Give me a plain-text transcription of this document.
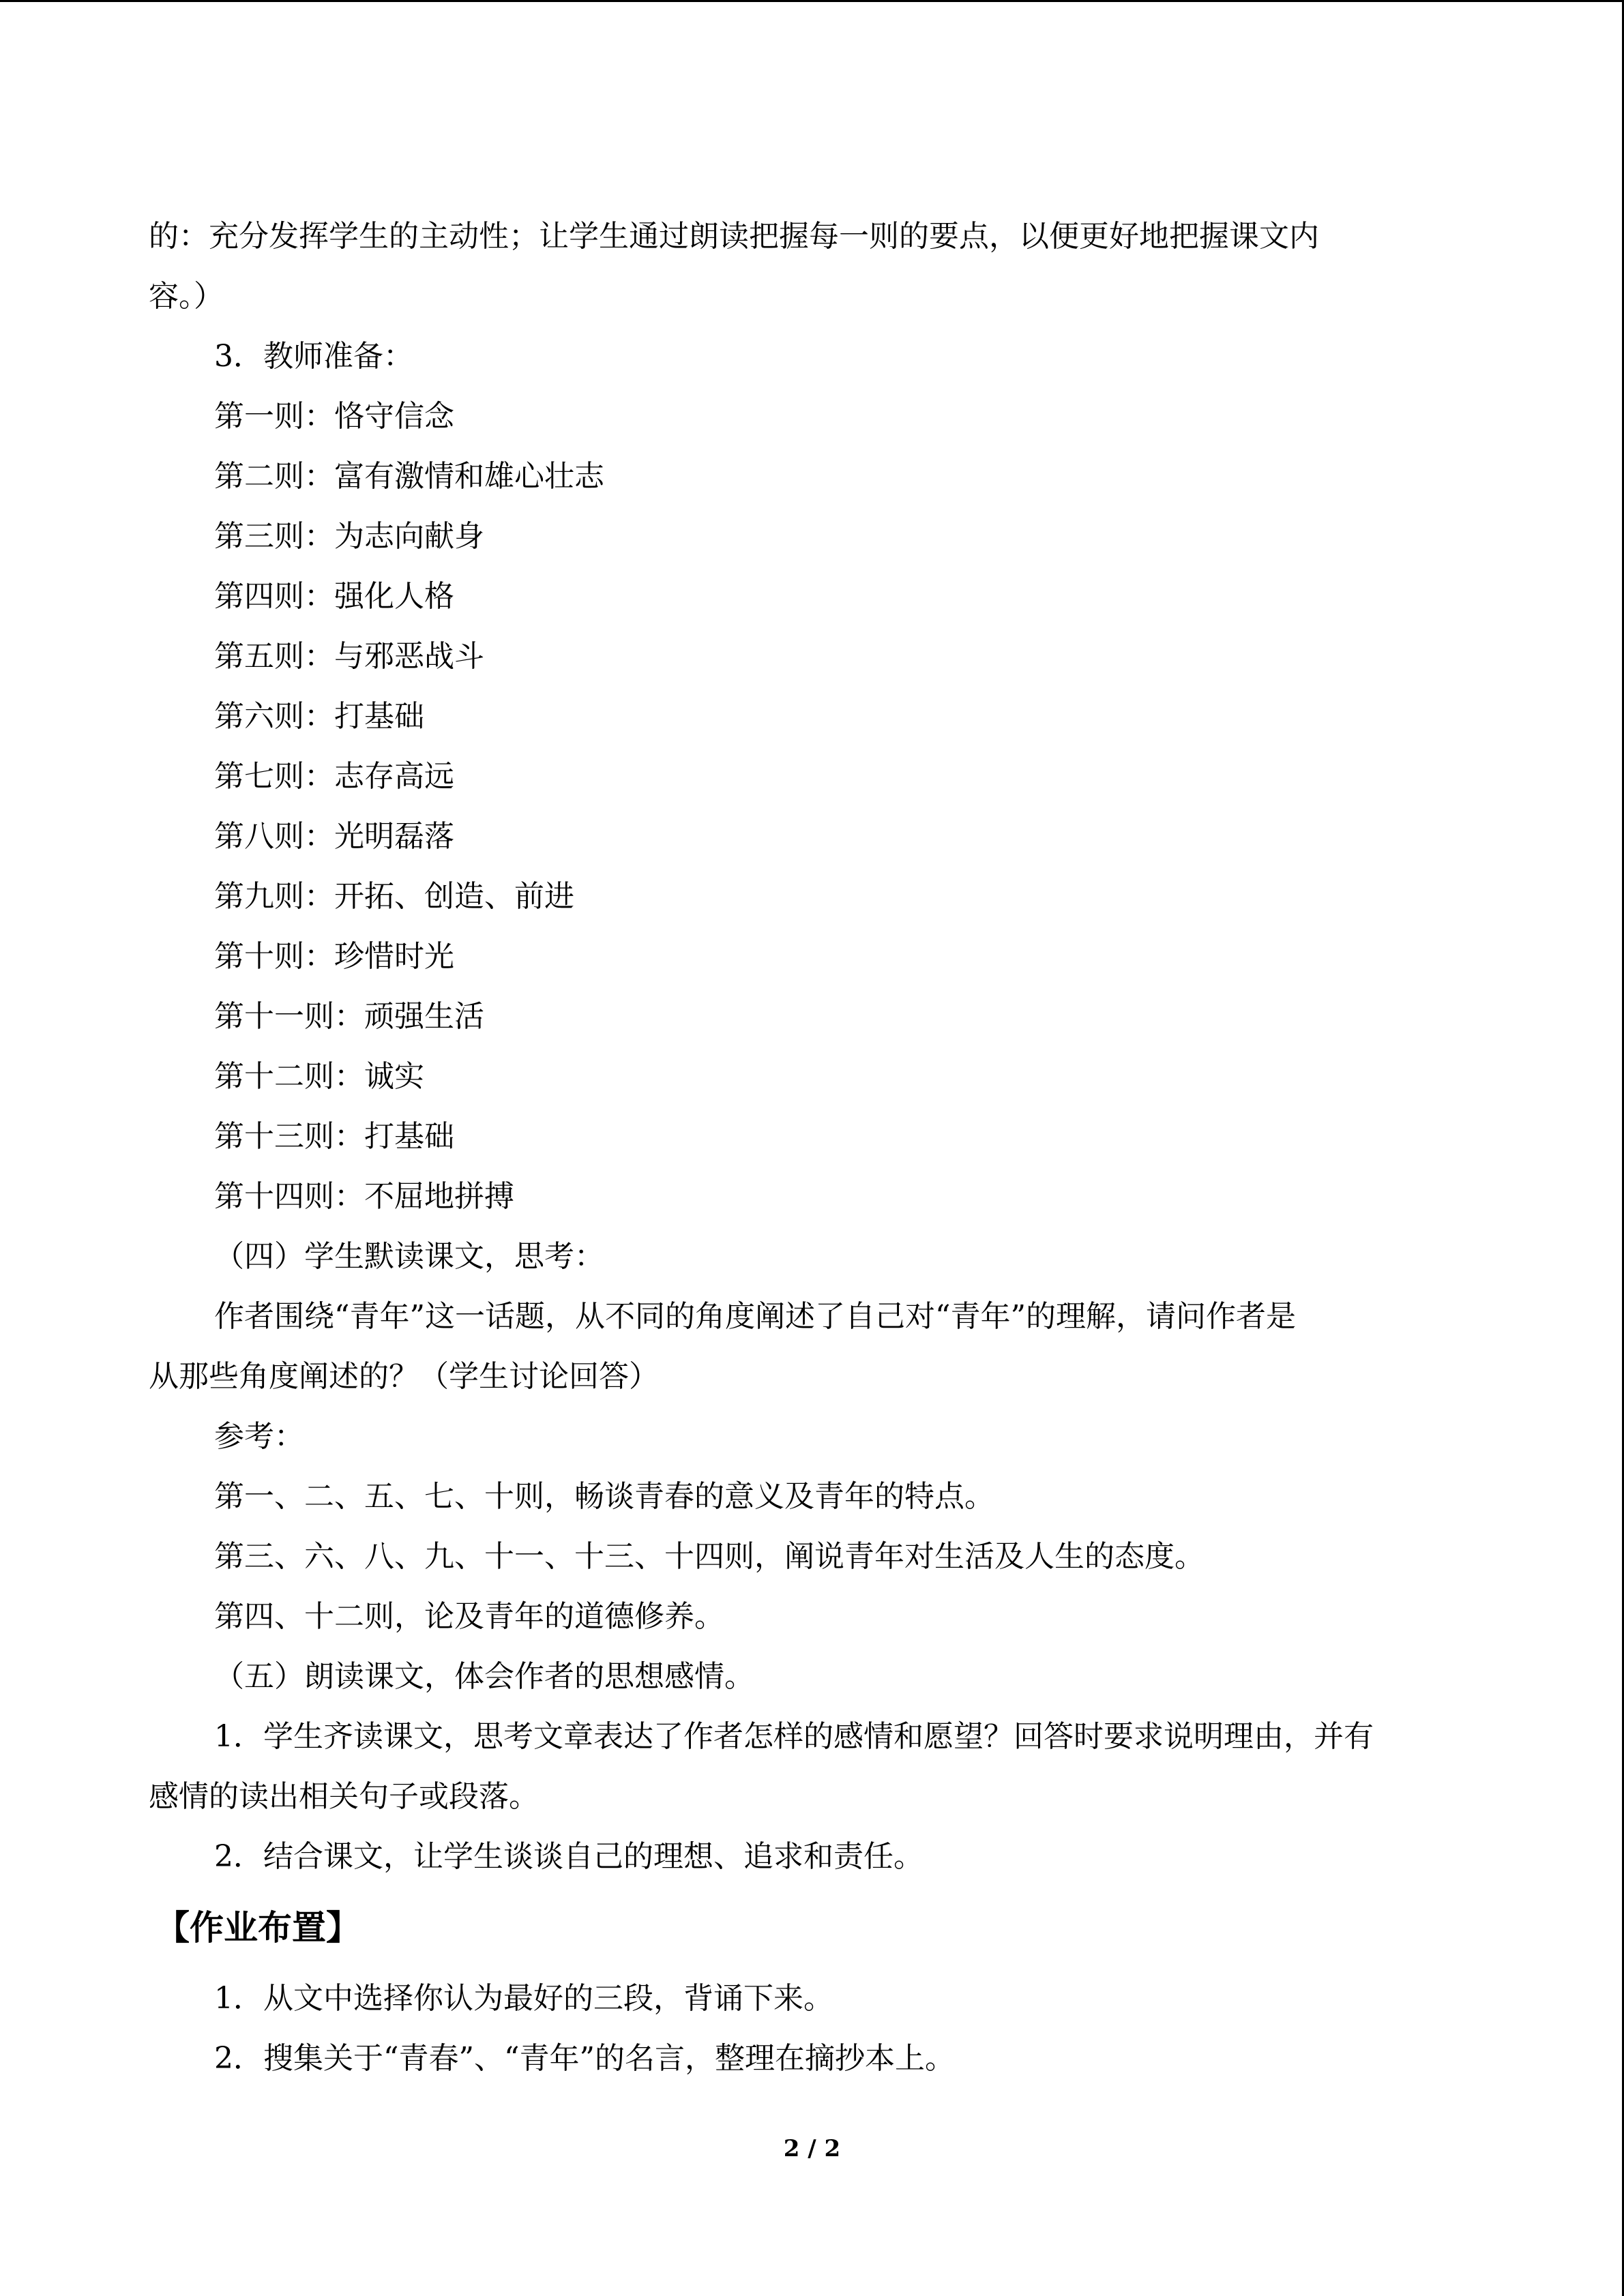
的：充分发挥学生的主动性；让学生通过朗读把握每一则的要点，以便更好地把握课文内
容。）
3．教师准备：
第一则：恪守信念
第二则：富有激情和雄心壮志
第三则：为志向献身
第四则：强化人格
第五则：与邪恶战斗
第六则：打基础
第七则：志存高远
第八则：光明磊落
第九则：开拓、创造、前进
第十则：珍惜时光
第十一则：顽强生活
第十二则：诚实
第十三则：打基础
第十四则：不屈地拼搏
（四）学生默读课文，思考：
作者围绕“青年”这一话题，从不同的角度阐述了自己对“青年”的理解，请问作者是
从那些角度阐述的？（学生讨论回答）
参考：
第一、二、五、七、十则，畅谈青春的意义及青年的特点。
第三、六、八、九、十一、十三、十四则，阐说青年对生活及人生的态度。
第四、十二则，论及青年的道德修养。
（五）朗读课文，体会作者的思想感情。
1．学生齐读课文，思考文章表达了作者怎样的感情和愿望？回答时要求说明理由，并有
感情的读出相关句子或段落。
2．结合课文，让学生谈谈自己的理想、追求和责任。
【作业布置】
1．从文中选择你认为最好的三段，背诵下来。
2．搜集关于“青春”、“青年”的名言，整理在摘抄本上。
2 / 2
